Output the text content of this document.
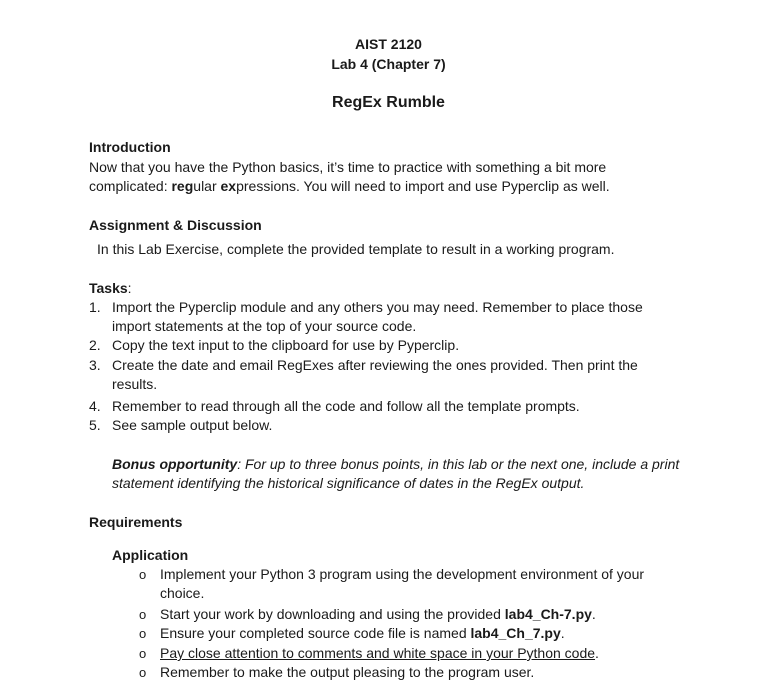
AIST 2120
Lab 4 (Chapter 7)
RegEx Rumble
Introduction
Now that you have the Python basics, it’s time to practice with something a bit more
complicated: regular expressions. You will need to import and use Pyperclip as well.
Assignment & Discussion
In this Lab Exercise, complete the provided template to result in a working program.
Tasks:
1. Import the Pyperclip module and any others you may need. Remember to place those
import statements at the top of your source code.
2. Copy the text input to the clipboard for use by Pyperclip.
3. Create the date and email RegExes after reviewing the ones provided. Then print the
results.
4. Remember to read through all the code and follow all the template prompts.
5. See sample output below.
Bonus opportunity: For up to three bonus points, in this lab or the next one, include a print
statement identifying the historical significance of dates in the RegEx output.
Requirements
Application
o Implement your Python 3 program using the development environment of your
choice.
o Start your work by downloading and using the provided lab4_Ch-7.py.
o Ensure your completed source code file is named lab4_Ch_7.py.
o Pay close attention to comments and white space in your Python code.
o Remember to make the output pleasing to the program user.
